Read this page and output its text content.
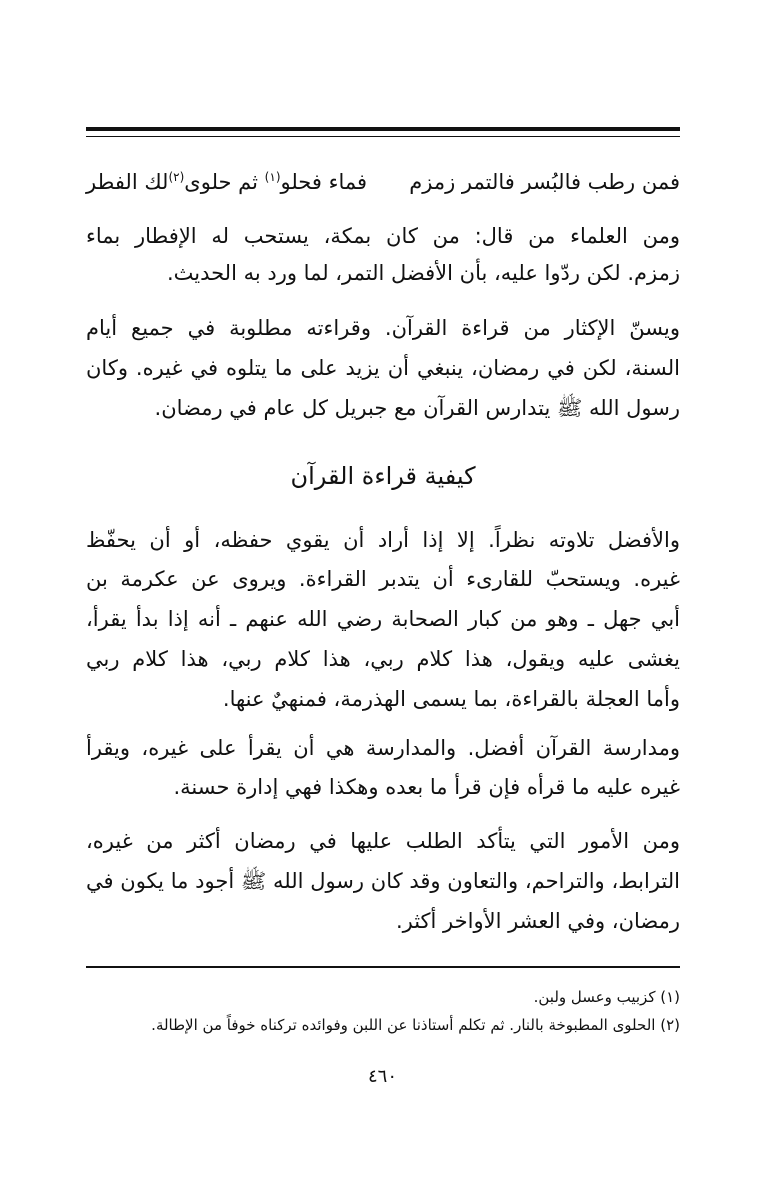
فمن رطب فالبُسر فالتمر زمزم
فماء فحلو$^{(١)}$ ثم حلوى$^{(٢)}$لك الفطر
ومن العلماء من قال: من كان بمكة، يستحب له الإفطار بماء
زمزم. لكن ردّوا عليه، بأن الأفضل التمر، لما ورد به الحديث.
ويسنّ الإكثار من قراءة القرآن. وقراءته مطلوبة في جميع أيام
السنة، لكن في رمضان، ينبغي أن يزيد على ما يتلوه في غيره. وكان
رسول الله ﷺ يتدارس القرآن مع جبريل كل عام في رمضان.
كيفية قراءة القرآن
والأفضل تلاوته نظراً. إلا إذا أراد أن يقوي حفظه، أو أن يحفّظ
غيره. ويستحبّ للقارىء أن يتدبر القراءة. ويروى عن عكرمة بن
أبي جهل ـ وهو من كبار الصحابة رضي الله عنهم ـ أنه إذا بدأ يقرأ،
يغشى عليه ويقول، هذا كلام ربي، هذا كلام ربي، هذا كلام ربي
وأما العجلة بالقراءة، بما يسمى الهذرمة، فمنهيٌ عنها.
ومدارسة القرآن أفضل. والمدارسة هي أن يقرأ على غيره، ويقرأ
غيره عليه ما قرأه فإن قرأ ما بعده وهكذا فهي إدارة حسنة.
ومن الأمور التي يتأكد الطلب عليها في رمضان أكثر من غيره،
الترابط، والتراحم، والتعاون وقد كان رسول الله ﷺ أجود ما يكون في
رمضان، وفي العشر الأواخر أكثر.
(١) كزبيب وعسل ولبن.
(٢) الحلوى المطبوخة بالنار. ثم تكلم أستاذنا عن اللبن وفوائده تركناه خوفاً من الإطالة.
٤٦٠
